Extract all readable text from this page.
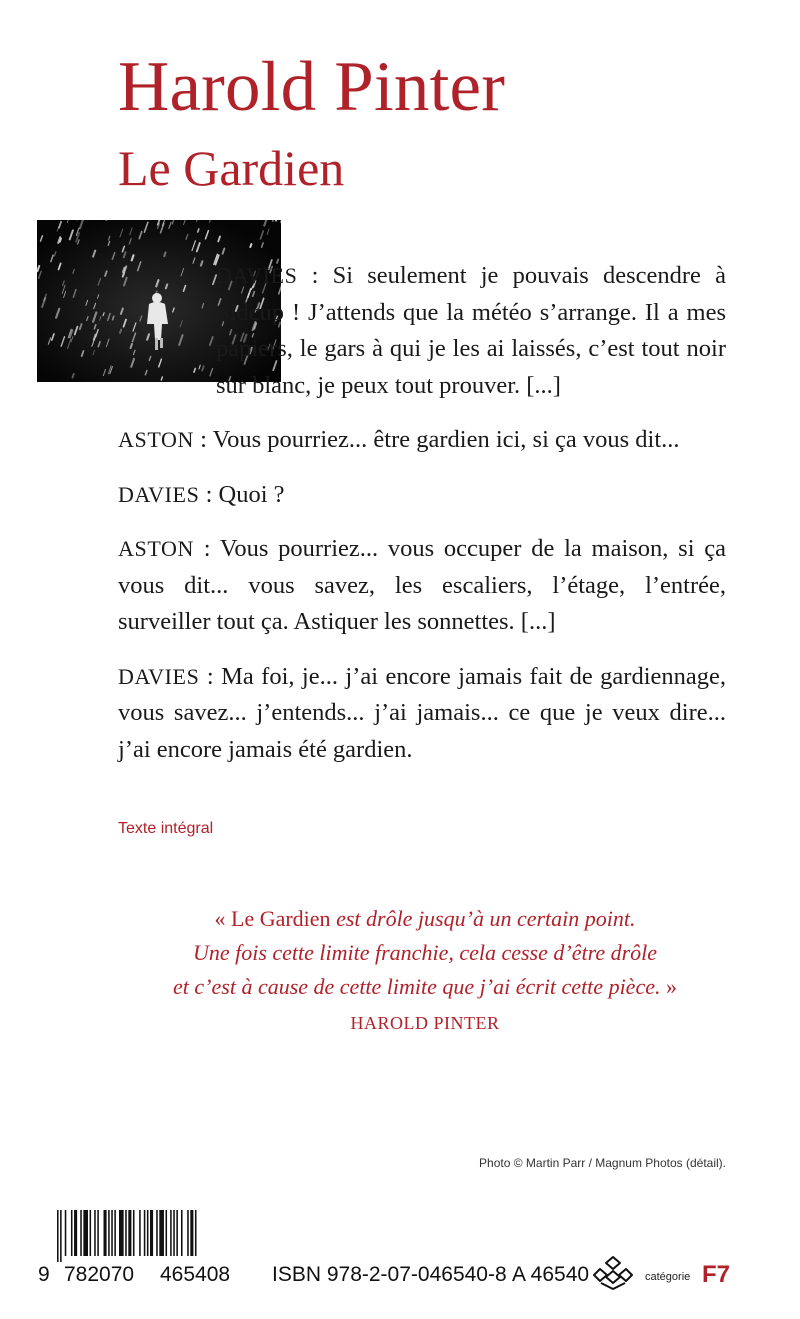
Harold Pinter
Le Gardien

DAVIES : Si seulement je pouvais descendre à Sidcup ! J’attends que la météo s’arrange. Il a mes papiers, le gars à qui je les ai laissés, c’est tout noir sur blanc, je peux tout prouver. [...]

ASTON : Vous pourriez... être gardien ici, si ça vous dit...

DAVIES : Quoi ?

ASTON : Vous pourriez... vous occuper de la maison, si ça vous dit... vous savez, les escaliers, l’étage, l’entrée, surveiller tout ça. Astiquer les sonnettes. [...]

DAVIES : Ma foi, je... j’ai encore jamais fait de gardiennage, vous savez... j’entends... j’ai jamais... ce que je veux dire... j’ai encore jamais été gardien.

Texte intégral
« Le Gardien est drôle jusqu’à un certain point.
Une fois cette limite franchie, cela cesse d’être drôle
et c’est à cause de cette limite que j’ai écrit cette pièce. »
HAROLD PINTER
Photo © Martin Parr / Magnum Photos (détail).
9 782070 465408 ISBN 978-2-07-046540-8 A 46540	catégorie F7
